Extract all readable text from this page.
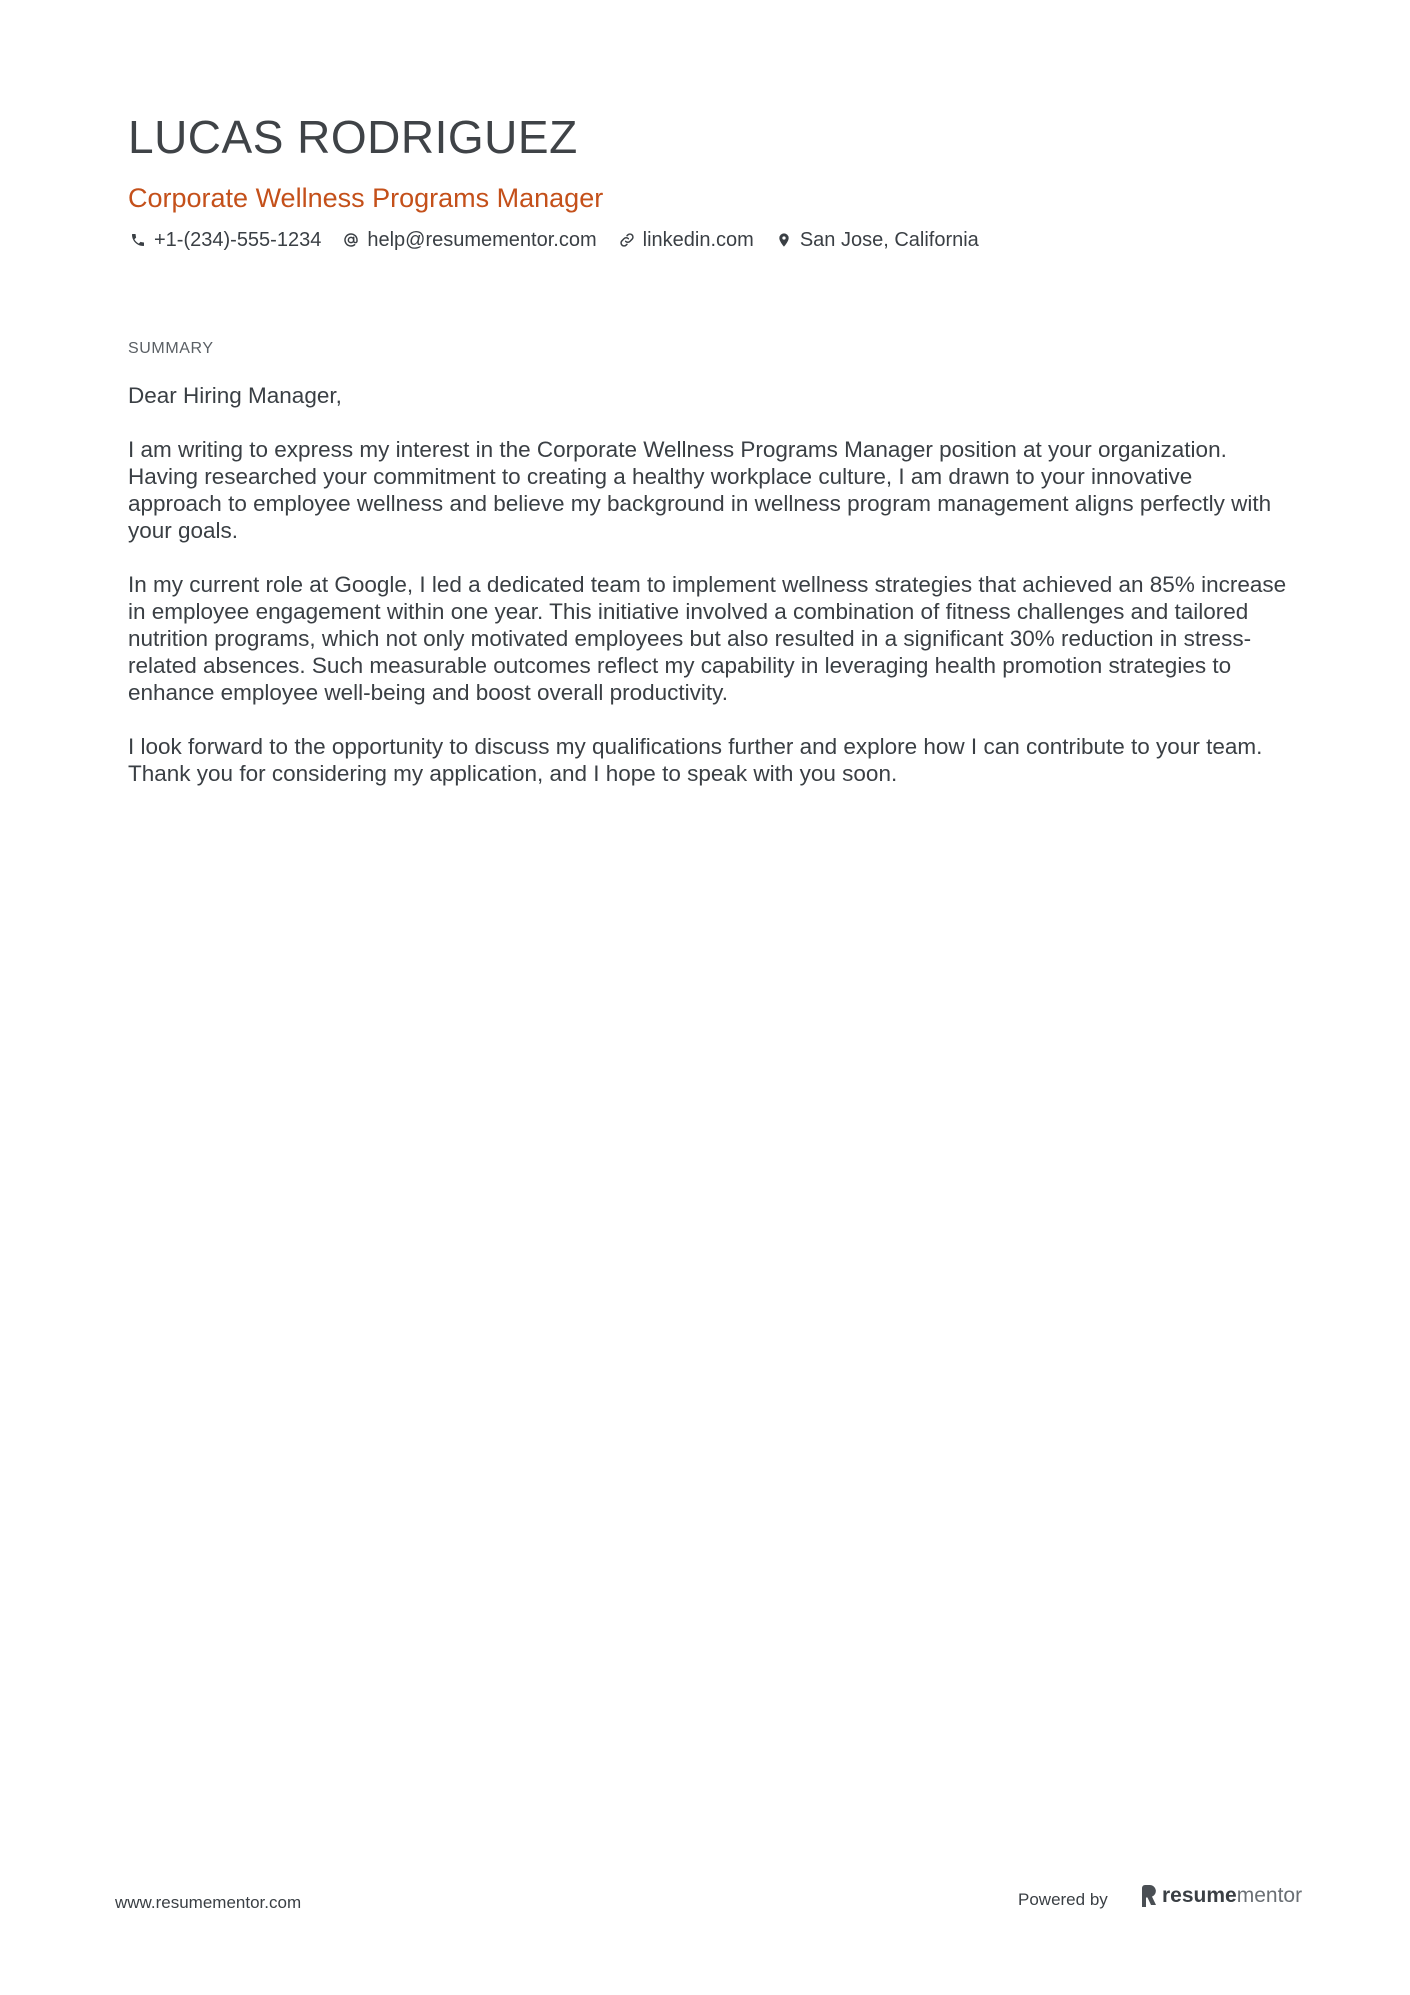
LUCAS RODRIGUEZ
Corporate Wellness Programs Manager
+1-(234)-555-1234 help@resumementor.com linkedin.com San Jose, California
SUMMARY

Dear Hiring Manager,

I am writing to express my interest in the Corporate Wellness Programs Manager position at your organization. Having researched your commitment to creating a healthy workplace culture, I am drawn to your innovative approach to employee wellness and believe my background in wellness program management aligns perfectly with your goals.

In my current role at Google, I led a dedicated team to implement wellness strategies that achieved an 85% increase in employee engagement within one year. This initiative involved a combination of fitness challenges and tailored nutrition programs, which not only motivated employees but also resulted in a significant 30% reduction in stress-related absences. Such measurable outcomes reflect my capability in leveraging health promotion strategies to enhance employee well-being and boost overall productivity.

I look forward to the opportunity to discuss my qualifications further and explore how I can contribute to your team. Thank you for considering my application, and I hope to speak with you soon.

www.resumementor.com	Powered by	resume mentor
